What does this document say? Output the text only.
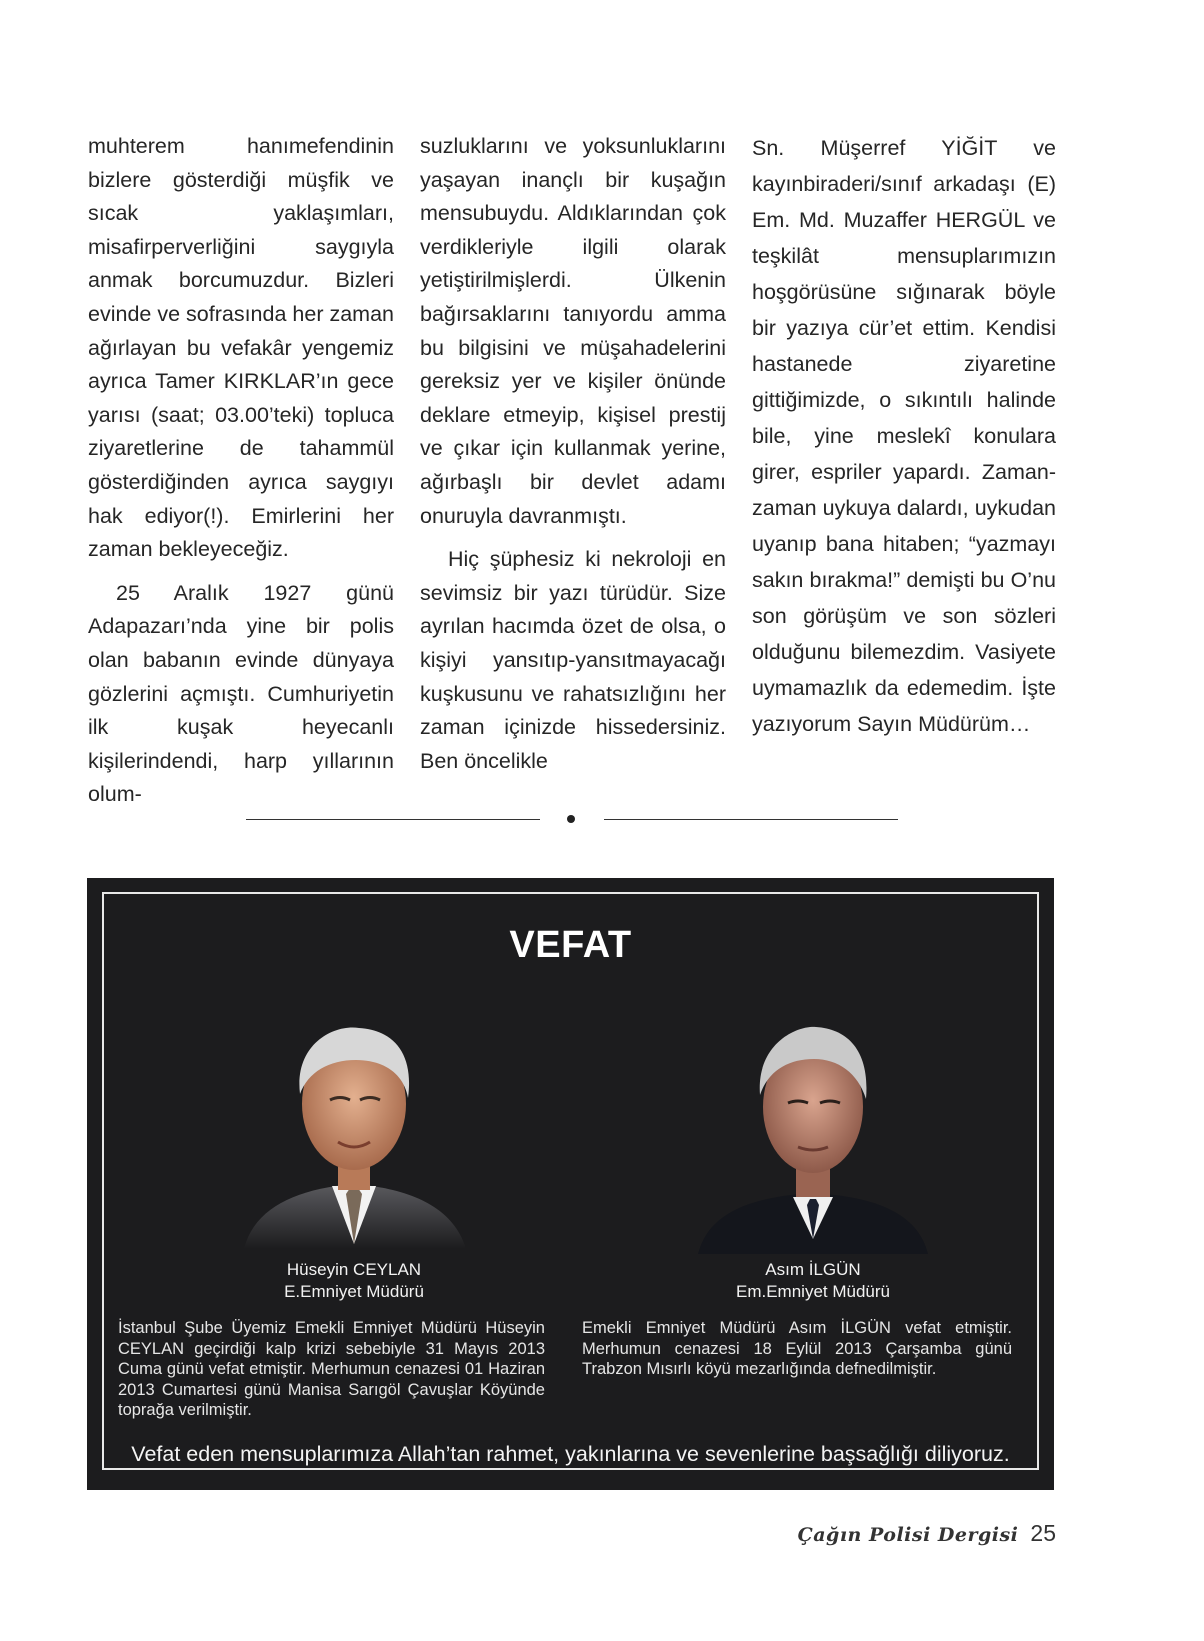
muhterem hanımefendinin bizlere gösterdiği müşfik ve sıcak yaklaşımları, misafirperverliğini saygıyla anmak borcumuzdur. Bizleri evinde ve sofrasında her zaman ağırlayan bu vefakâr yengemiz ayrıca Tamer KIRKLAR’ın gece yarısı (saat; 03.00’teki) topluca ziyaretlerine de tahammül gösterdiğinden ayrıca saygıyı hak ediyor(!). Emirlerini her zaman bekleyeceğiz.

25 Aralık 1927 günü Adapazarı’nda yine bir polis olan babanın evinde dünyaya gözlerini açmıştı. Cumhuriyetin ilk kuşak heyecanlı kişilerindendi, harp yıllarının olum-

suzluklarını ve yoksunluklarını yaşayan inançlı bir kuşağın mensubuydu. Aldıklarından çok verdikleriyle ilgili olarak yetiştirilmişlerdi. Ülkenin bağırsaklarını tanıyordu amma bu bilgisini ve müşahadelerini gereksiz yer ve kişiler önünde deklare etmeyip, kişisel prestij ve çıkar için kullanmak yerine, ağırbaşlı bir devlet adamı onuruyla davranmıştı.

Hiç şüphesiz ki nekroloji en sevimsiz bir yazı türüdür. Size ayrılan hacımda özet de olsa, o kişiyi yansıtıp-yansıtmayacağı kuşkusunu ve rahatsızlığını her zaman içinizde hissedersiniz. Ben öncelikle

Sn. Müşerref YİĞİT ve kayınbiraderi/sınıf arkadaşı (E) Em. Md. Muzaffer HERGÜL ve teşkilât mensuplarımızın hoşgörüsüne sığınarak böyle bir yazıya cür’et ettim. Kendisi hastanede ziyaretine gittiğimizde, o sıkıntılı halinde bile, yine meslekî konulara girer, espriler yapardı. Zaman-zaman uykuya dalardı, uykudan uyanıp bana hitaben; “yazmayı sakın bırakma!” demişti bu O’nu son görüşüm ve son sözleri olduğunu bilemezdim. Vasiyete uymamazlık da edemedim. İşte yazıyorum Sayın Müdürüm…

VEFAT
Hüseyin CEYLAN
E.Emniyet Müdürü
İstanbul Şube Üyemiz Emekli Emniyet Müdürü Hüseyin CEYLAN geçirdiği kalp krizi sebebiyle 31 Mayıs 2013 Cuma günü vefat etmiştir. Merhumun cenazesi 01 Haziran 2013 Cumartesi günü Manisa Sarıgöl Çavuşlar Köyünde toprağa verilmiştir.
Asım İLGÜN
Em.Emniyet Müdürü
Emekli Emniyet Müdürü Asım İLGÜN vefat etmiştir. Merhumun cenazesi 18 Eylül 2013 Çarşamba günü Trabzon Mısırlı köyü mezarlığında defnedilmiştir.
Vefat eden mensuplarımıza Allah’tan rahmet, yakınlarına ve sevenlerine başsağlığı diliyoruz.
Çağın Polisi Dergisi 25
